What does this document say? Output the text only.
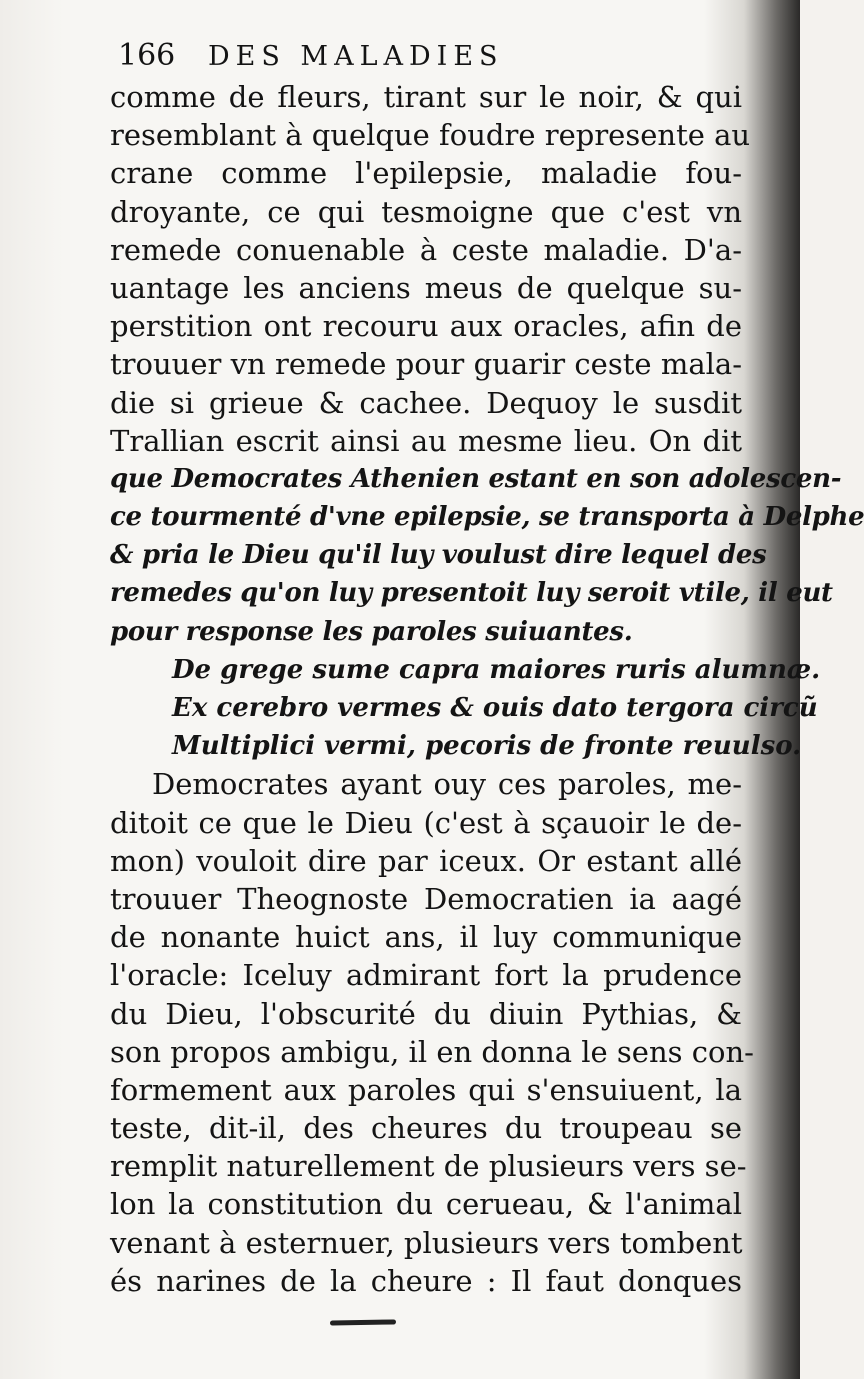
166	DES MALADIES
comme de fleurs, tirant sur le noir, & qui
resemblant à quelque foudre represente au
crane comme l'epilepsie, maladie fou-
droyante, ce qui tesmoigne que c'est vn
remede conuenable à ceste maladie. D'a-
uantage les anciens meus de quelque su-
perstition ont recouru aux oracles, afin de
trouuer vn remede pour guarir ceste mala-
die si grieue & cachee. Dequoy le susdit
Trallian escrit ainsi au mesme lieu. On dit
que Democrates Athenien estant en son adolescen-
ce tourmenté d'vne epilepsie, se transporta à Delphe
& pria le Dieu qu'il luy voulust dire lequel des
remedes qu'on luy presentoit luy seroit vtile, il eut
pour response les paroles suiuantes.
De grege sume capra maiores ruris alumnæ.
Ex cerebro vermes & ouis dato tergora circũ
Multiplici vermi, pecoris de fronte reuulso.
Democrates ayant ouy ces paroles, me-
ditoit ce que le Dieu (c'est à sçauoir le de-
mon) vouloit dire par iceux. Or estant allé
trouuer Theognoste Democratien ia aagé
de nonante huict ans, il luy communique
l'oracle: Iceluy admirant fort la prudence
du Dieu, l'obscurité du diuin Pythias, &
son propos ambigu, il en donna le sens con-
formement aux paroles qui s'ensuiuent, la
teste, dit-il, des cheures du troupeau se
remplit naturellement de plusieurs vers se-
lon la constitution du cerueau, & l'animal
venant à esternuer, plusieurs vers tombent
és narines de la cheure : Il faut donques
